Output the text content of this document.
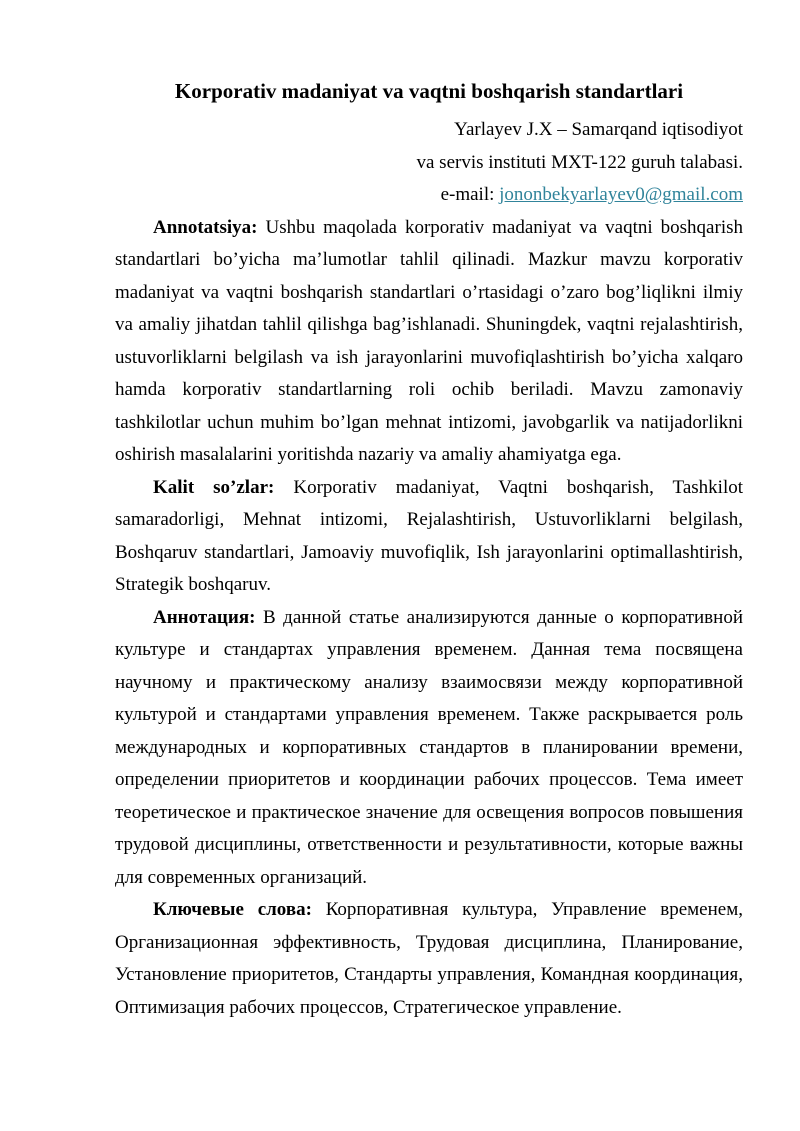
Korporativ madaniyat va vaqtni boshqarish standartlari

Yarlayev J.X – Samarqand iqtisodiyot

va servis instituti MXT-122 guruh talabasi.

e-mail: jononbekyarlayev0@gmail.com

Annotatsiya: Ushbu maqolada korporativ madaniyat va vaqtni boshqarish standartlari bo’yicha ma’lumotlar tahlil qilinadi. Mazkur mavzu korporativ madaniyat va vaqtni boshqarish standartlari o’rtasidagi o’zaro bog’liqlikni ilmiy va amaliy jihatdan tahlil qilishga bag’ishlanadi. Shuningdek, vaqtni rejalashtirish, ustuvorliklarni belgilash va ish jarayonlarini muvofiqlashtirish bo’yicha xalqaro hamda korporativ standartlarning roli ochib beriladi. Mavzu zamonaviy tashkilotlar uchun muhim bo’lgan mehnat intizomi, javobgarlik va natijadorlikni oshirish masalalarini yoritishda nazariy va amaliy ahamiyatga ega.

Kalit so’zlar: Korporativ madaniyat, Vaqtni boshqarish, Tashkilot samaradorligi, Mehnat intizomi, Rejalashtirish, Ustuvorliklarni belgilash, Boshqaruv standartlari, Jamoaviy muvofiqlik, Ish jarayonlarini optimallashtirish, Strategik boshqaruv.

Аннотация: В данной статье анализируются данные о корпоративной культуре и стандартах управления временем. Данная тема посвящена научному и практическому анализу взаимосвязи между корпоративной культурой и стандартами управления временем. Также раскрывается роль международных и корпоративных стандартов в планировании времени, определении приоритетов и координации рабочих процессов. Тема имеет теоретическое и практическое значение для освещения вопросов повышения трудовой дисциплины, ответственности и результативности, которые важны для современных организаций.

Ключевые слова: Корпоративная культура, Управление временем, Организационная эффективность, Трудовая дисциплина, Планирование, Установление приоритетов, Стандарты управления, Командная координация, Оптимизация рабочих процессов, Стратегическое управление.
